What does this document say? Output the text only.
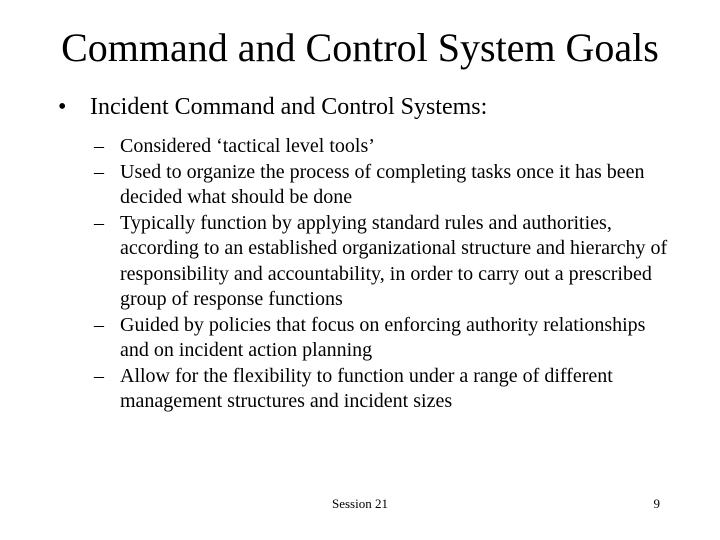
Command and Control System Goals
• Incident Command and Control Systems:
– Considered ‘tactical level tools’
– Used to organize the process of completing tasks once it has been decided what should be done
– Typically function by applying standard rules and authorities, according to an established organizational structure and hierarchy of responsibility and accountability, in order to carry out a prescribed group of response functions
– Guided by policies that focus on enforcing authority relationships and on incident action planning
– Allow for the flexibility to function under a range of different management structures and incident sizes
Session 21	9
